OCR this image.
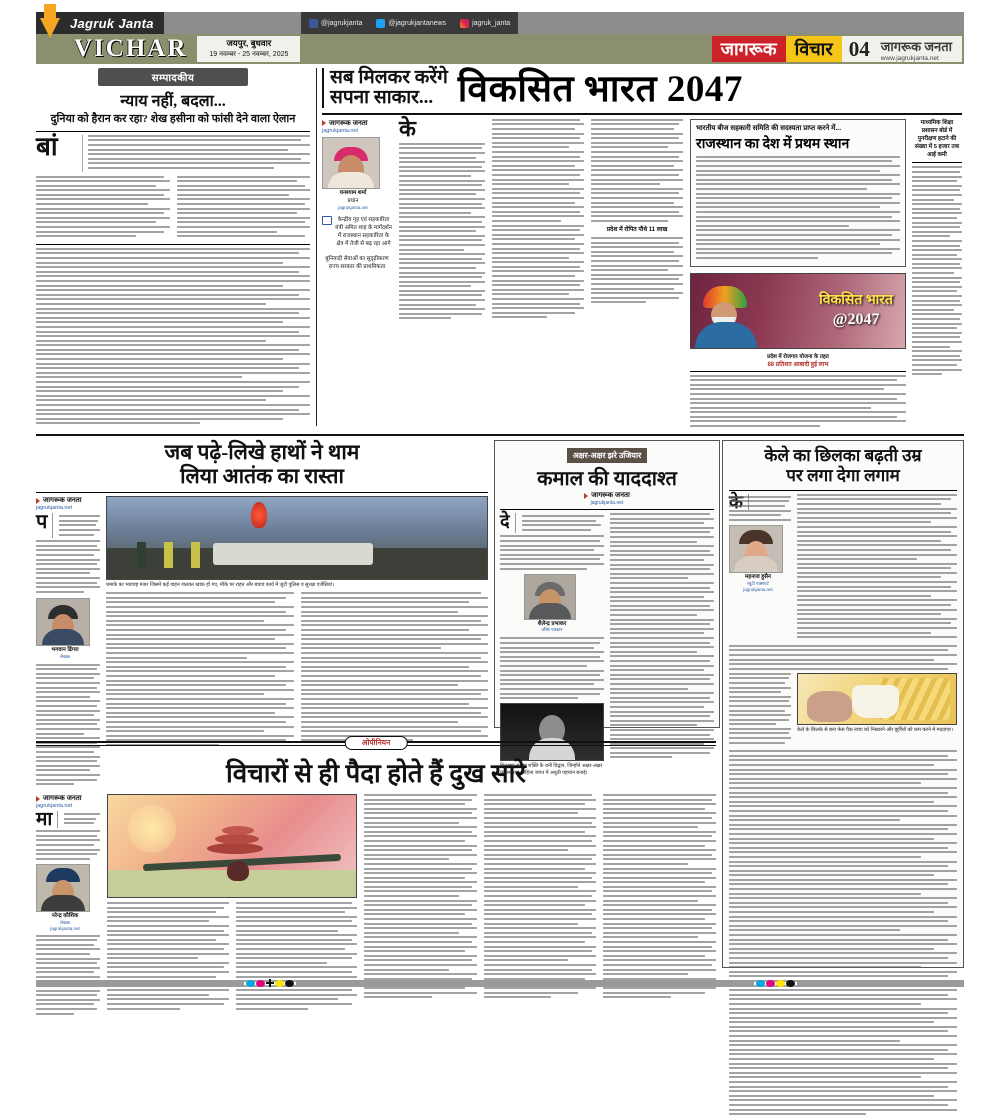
Jagruk Janta	@jagrukjanta	@jagrukjantanews	jagruk_janta
VICHAR	जयपुर, बुधवार
19 नवम्बर - 25 नवम्बर, 2025	जागरूक	विचार 04 जागरूक जनता
www.jagrukjanta.net
सम्पादकीय
न्याय नहीं, बदला...
दुनिया को हैरान कर रहा? शेख हसीना को फांसी देने वाला ऐलान
बां
सब मिलकर करेंगे
सपना साकार... विकसित भारत 2047
जागरूक जनता
jagrukjanta.net
घनश्याम शर्मा
प्रधान
jagrukjanta.net
केन्द्रीय गृह एवं सहकारिता मंत्री अमित शाह के मार्गदर्शन में राजस्थान सहकारिता के क्षेत्र में तेजी से बढ़ रहा आगे
बुनियादी सेवाओं का सुदृढ़ीकरण राज्य सरकार की प्राथमिकता
के
प्रदेश में रोपित पौधे 11 लाख
भारतीय बीज सहकारी समिति की सदस्यता प्राप्त करने में...
राजस्थान का देश में प्रथम स्थान
विकसित भारत
@2047
प्रदेश में रोजगार योजना के तहत
88 प्रतिशत आबादी हुई लाभ
माध्यमिक शिक्षा प्रशासन बोर्ड में पुनरीक्षण हटाने की संख्या में 5 हजार तक आई कमी
जब पढ़े-लिखे हाथों ने थाम
लिया आतंक का रास्ता
जागरूक जनता
jagrukjanta.net
प
भगवान ढिंगरा
लेखक
धमाके का भयावह मंजर जिसमें कई वाहन जलकर खाक हो गए, मौके पर राहत और बचाव कार्य में जुटी पुलिस व सुरक्षा एजेंसियां।
अक्षर-अक्षर झरे उजियार
कमाल की याददाश्त
जागरूक जनता
jagrukjanta.net
दे
शैलेन्द्र प्रभाकर
वरिष्ठ पत्रकार
विलक्षण स्मरण शक्ति के धनी विद्वान, जिन्होंने अक्षर-अक्षर कंठस्थ कर साहित्य जगत में अनूठी पहचान बनाई।
केले का छिलका बढ़ती उम्र
पर लगा देगा लगाम
महनाज हुसैन
ब्यूटी एक्सपर्ट
jagrukjanta.net
केले के छिलके से बना फेस पैक त्वचा को निखारने और झुर्रियों को कम करने में मददगार।
ओपीनियन
विचारों से ही पैदा होते हैं दुख सारे
जागरूक जनता
jagrukjanta.net
मा
नरेन्द्र कौशिक
लेखक
jagrukjanta.net
